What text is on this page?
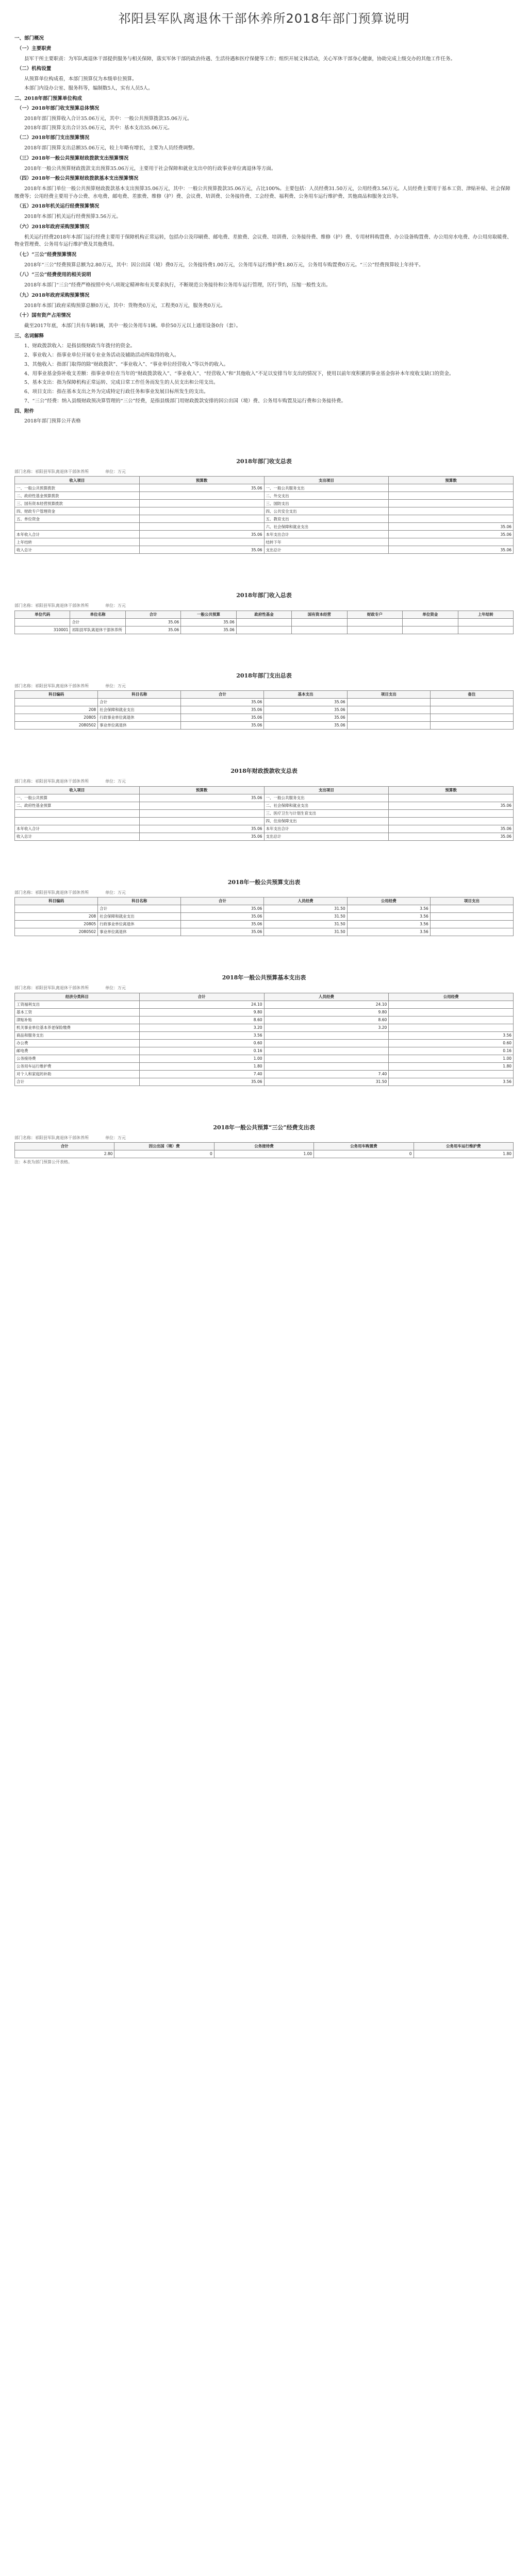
祁阳县军队离退休干部休养所2018年部门预算说明
一、部门概况
（一）主要职责
县军干所主要职责：为军队离退休干部提供服务与相关保障，落实军休干部的政治待遇、生活待遇和医疗保健等工作；组织开展文体活动，关心军休干部身心健康，协助完成上级交办的其他工作任务。
（二）机构设置
从预算单位构成看，本部门预算仅为本级单位预算。
本部门内设办公室、服务科等，编制数5人，实有人员5人。
二、2018年部门预算单位构成
（一）2018年部门收支预算总体情况
2018年部门预算收入合计35.06万元，其中：一般公共预算拨款35.06万元。
2018年部门预算支出合计35.06万元，其中：基本支出35.06万元。
（二）2018年部门支出预算情况
2018年部门预算支出总额35.06万元，较上年略有增长，主要为人员经费调整。
（三）2018年一般公共预算财政拨款支出预算情况
2018年一般公共预算财政拨款支出预算35.06万元，主要用于社会保障和就业支出中的行政事业单位离退休等方面。
（四）2018年一般公共预算财政拨款基本支出预算情况
2018年本部门单位一般公共预算财政拨款基本支出预算35.06万元，其中：一般公共预算拨款35.06万元，占比100%。主要包括：人员经费31.50万元，公用经费3.56万元。人员经费主要用于基本工资、津贴补贴、社会保障缴费等；公用经费主要用于办公费、水电费、邮电费、差旅费、维修（护）费、会议费、培训费、公务接待费、工会经费、福利费、公务用车运行维护费、其他商品和服务支出等。
（五）2018年机关运行经费预算情况
2018年本部门机关运行经费预算3.56万元。
（六）2018年政府采购预算情况
机关运行经费2018年本部门运行经费主要用于保障机构正常运转，包括办公及印刷费、邮电费、差旅费、会议费、培训费、公务接待费、维修（护）费、专用材料购置费、办公设备购置费、办公用房水电费、办公用房取暖费、物业管理费、公务用车运行维护费及其他费用。
（七）“三公”经费预算情况
2018年“三公”经费预算总额为2.80万元，其中：因公出国（境）费0万元，公务接待费1.00万元，公务用车运行维护费1.80万元，公务用车购置费0万元。“三公”经费预算较上年持平。
（八）“三公”经费使用的相关说明
2018年本部门“三公”经费严格按照中央八项规定精神和有关要求执行，不断规范公务接待和公务用车运行管理，厉行节约，压缩一般性支出。
（九）2018年政府采购预算情况
2018年本部门政府采购预算总额0万元，其中：货物类0万元，工程类0万元，服务类0万元。
（十）国有资产占用情况
截至2017年底，本部门共有车辆1辆，其中一般公务用车1辆。单价50万元以上通用设备0台（套）。
三、名词解释
1、财政拨款收入：是指县级财政当年拨付的资金。
2、事业收入：指事业单位开展专业业务活动及辅助活动所取得的收入。
3、其他收入：指部门取得的除“财政拨款”、“事业收入”、“事业单位经营收入”等以外的收入。
4、用事业基金弥补收支差额：指事业单位在当年的“财政拨款收入”、“事业收入”、“经营收入”和“其他收入”不足以安排当年支出的情况下，使用以前年度积累的事业基金弥补本年度收支缺口的资金。
5、基本支出：指为保障机构正常运转、完成日常工作任务而发生的人员支出和公用支出。
6、项目支出：指在基本支出之外为完成特定行政任务和事业发展目标所发生的支出。
7、“三公”经费：纳入县级财政预决算管理的“三公”经费，是指县级部门用财政拨款安排的因公出国（境）费、公务用车购置及运行费和公务接待费。
四、附件
2018年部门预算公开表格
2018年部门收支总表
部门名称：祁阳县军队离退休干部休养所　　　　单位：万元
收入项目	预算数	支出项目	预算数
一、一般公共预算拨款	35.06	一、一般公共服务支出	
二、政府性基金预算拨款		二、外交支出	
三、国有资本经营预算拨款		三、国防支出	
四、财政专户管理资金		四、公共安全支出	
五、单位资金		五、教育支出	
		六、社会保障和就业支出	35.06
本年收入合计	35.06	本年支出合计	35.06
上年结转		结转下年	
收入总计	35.06	支出总计	35.06
2018年部门收入总表
部门名称：祁阳县军队离退休干部休养所　　　　单位：万元
单位代码	单位名称	合计	一般公共预算	政府性基金	国有资本经营	财政专户	单位资金	上年结转
	合计	35.06	35.06					
310001	祁阳县军队离退休干部休养所	35.06	35.06					
2018年部门支出总表
部门名称：祁阳县军队离退休干部休养所　　　　单位：万元
科目编码	科目名称	合计	基本支出	项目支出	备注
	合计	35.06	35.06		
208	社会保障和就业支出	35.06	35.06		
20805	行政事业单位离退休	35.06	35.06		
2080502	事业单位离退休	35.06	35.06		
2018年财政拨款收支总表
部门名称：祁阳县军队离退休干部休养所　　　　单位：万元
收入项目	预算数	支出项目	预算数
一、一般公共预算	35.06	一、一般公共服务支出	
二、政府性基金预算		二、社会保障和就业支出	35.06
		三、医疗卫生与计划生育支出	
		四、住房保障支出	
本年收入合计	35.06	本年支出合计	35.06
收入总计	35.06	支出总计	35.06
2018年一般公共预算支出表
部门名称：祁阳县军队离退休干部休养所　　　　单位：万元
科目编码	科目名称	合计	人员经费	公用经费	项目支出
	合计	35.06	31.50	3.56	
208	社会保障和就业支出	35.06	31.50	3.56	
20805	行政事业单位离退休	35.06	31.50	3.56	
2080502	事业单位离退休	35.06	31.50	3.56	
2018年一般公共预算基本支出表
部门名称：祁阳县军队离退休干部休养所　　　　单位：万元
经济分类科目	合计	人员经费	公用经费
工资福利支出	24.10	24.10	
基本工资	9.80	9.80	
津贴补贴	8.60	8.60	
机关事业单位基本养老保险缴费	3.20	3.20	
商品和服务支出	3.56		3.56
办公费	0.60		0.60
邮电费	0.16		0.16
公务接待费	1.00		1.00
公务用车运行维护费	1.80		1.80
对个人和家庭的补助	7.40	7.40	
合计	35.06	31.50	3.56
2018年一般公共预算“三公”经费支出表
部门名称：祁阳县军队离退休干部休养所　　　　单位：万元
合计	因公出国（境）费	公务接待费	公务用车购置费	公务用车运行维护费
2.80	0	1.00	0	1.80
注：本表为部门预算公开表格。
